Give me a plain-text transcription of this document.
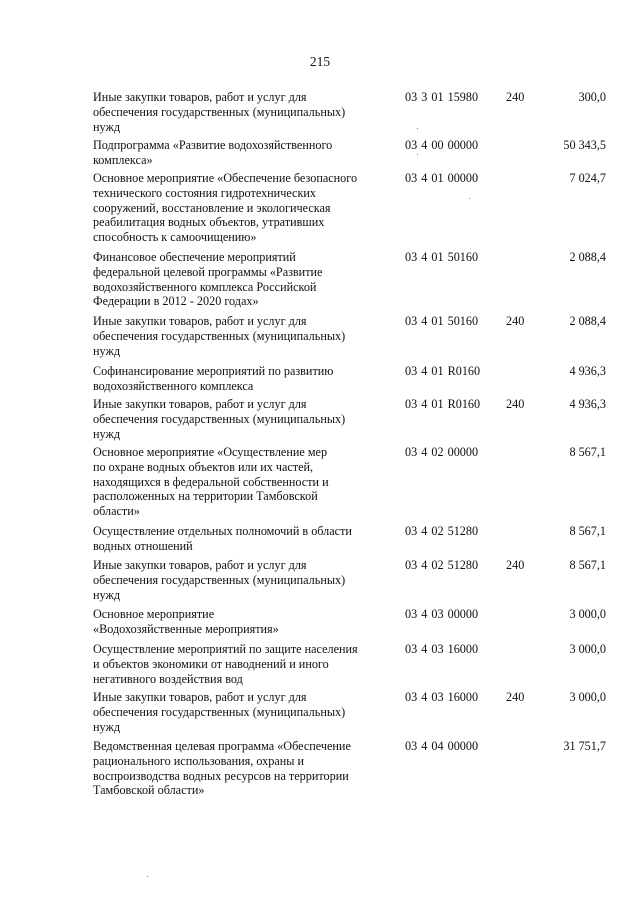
215
Иные закупки товаров, работ и услуг для
обеспечения государственных (муниципальных)
нужд
03 3 01 15980 240	300,0
Подпрограмма «Развитие водохозяйственного
комплекса»
03 4 00 00000	50 343,5
Основное мероприятие «Обеспечение безопасного
технического состояния гидротехнических
сооружений, восстановление и экологическая
реабилитация водных объектов, утративших
способность к самоочищению»
03 4 01 00000	7 024,7
Финансовое обеспечение мероприятий
федеральной целевой программы «Развитие
водохозяйственного комплекса Российской
Федерации в 2012 - 2020 годах»
03 4 01 50160	2 088,4
Иные закупки товаров, работ и услуг для
обеспечения государственных (муниципальных)
нужд
03 4 01 50160 240	2 088,4
Софинансирование мероприятий по развитию
водохозяйственного комплекса
03 4 01 R0160	4 936,3
Иные закупки товаров, работ и услуг для
обеспечения государственных (муниципальных)
нужд
03 4 01 R0160 240	4 936,3
Основное мероприятие «Осуществление мер
по охране водных объектов или их частей,
находящихся в федеральной собственности и
расположенных на территории Тамбовской
области»
03 4 02 00000	8 567,1
Осуществление отдельных полномочий в области
водных отношений
03 4 02 51280	8 567,1
Иные закупки товаров, работ и услуг для
обеспечения государственных (муниципальных)
нужд
03 4 02 51280 240	8 567,1
Основное мероприятие
«Водохозяйственные мероприятия»
03 4 03 00000	3 000,0
Осуществление мероприятий по защите населения
и объектов экономики от наводнений и иного
негативного воздействия вод
03 4 03 16000	3 000,0
Иные закупки товаров, работ и услуг для
обеспечения государственных (муниципальных)
нужд
03 4 03 16000 240	3 000,0
Ведомственная целевая программа «Обеспечение
рационального использования, охраны и
воспроизводства водных ресурсов на территории
Тамбовской области»
03 4 04 00000	31 751,7
